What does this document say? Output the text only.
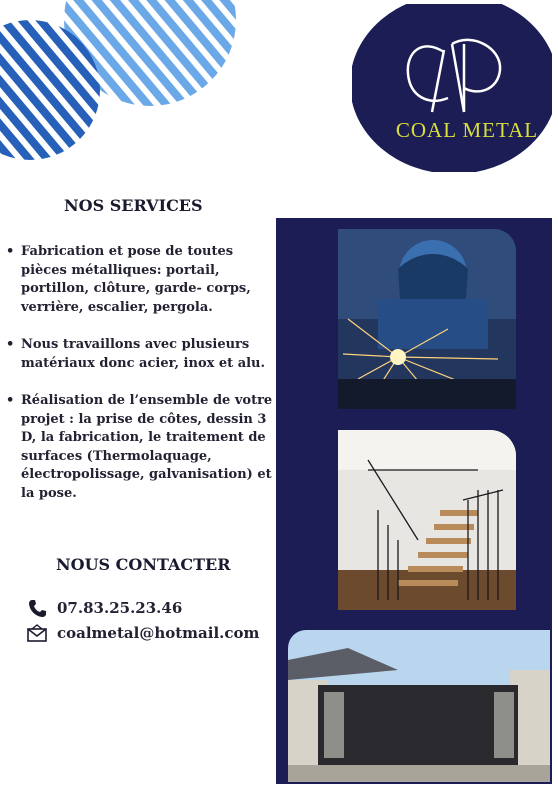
COAL METAL
NOS SERVICES
• Fabrication et pose de toutes pièces métalliques: portail, portillon, clôture, garde- corps, verrière, escalier, pergola.
• Nous travaillons avec plusieurs matériaux donc acier, inox et alu.
• Réalisation de l’ensemble de votre projet : la prise de côtes, dessin 3 D, la fabrication, le traitement de surfaces (Thermolaquage, électropolissage, galvanisation) et la pose.
NOUS CONTACTER
07.83.25.23.46
coalmetal@hotmail.com
